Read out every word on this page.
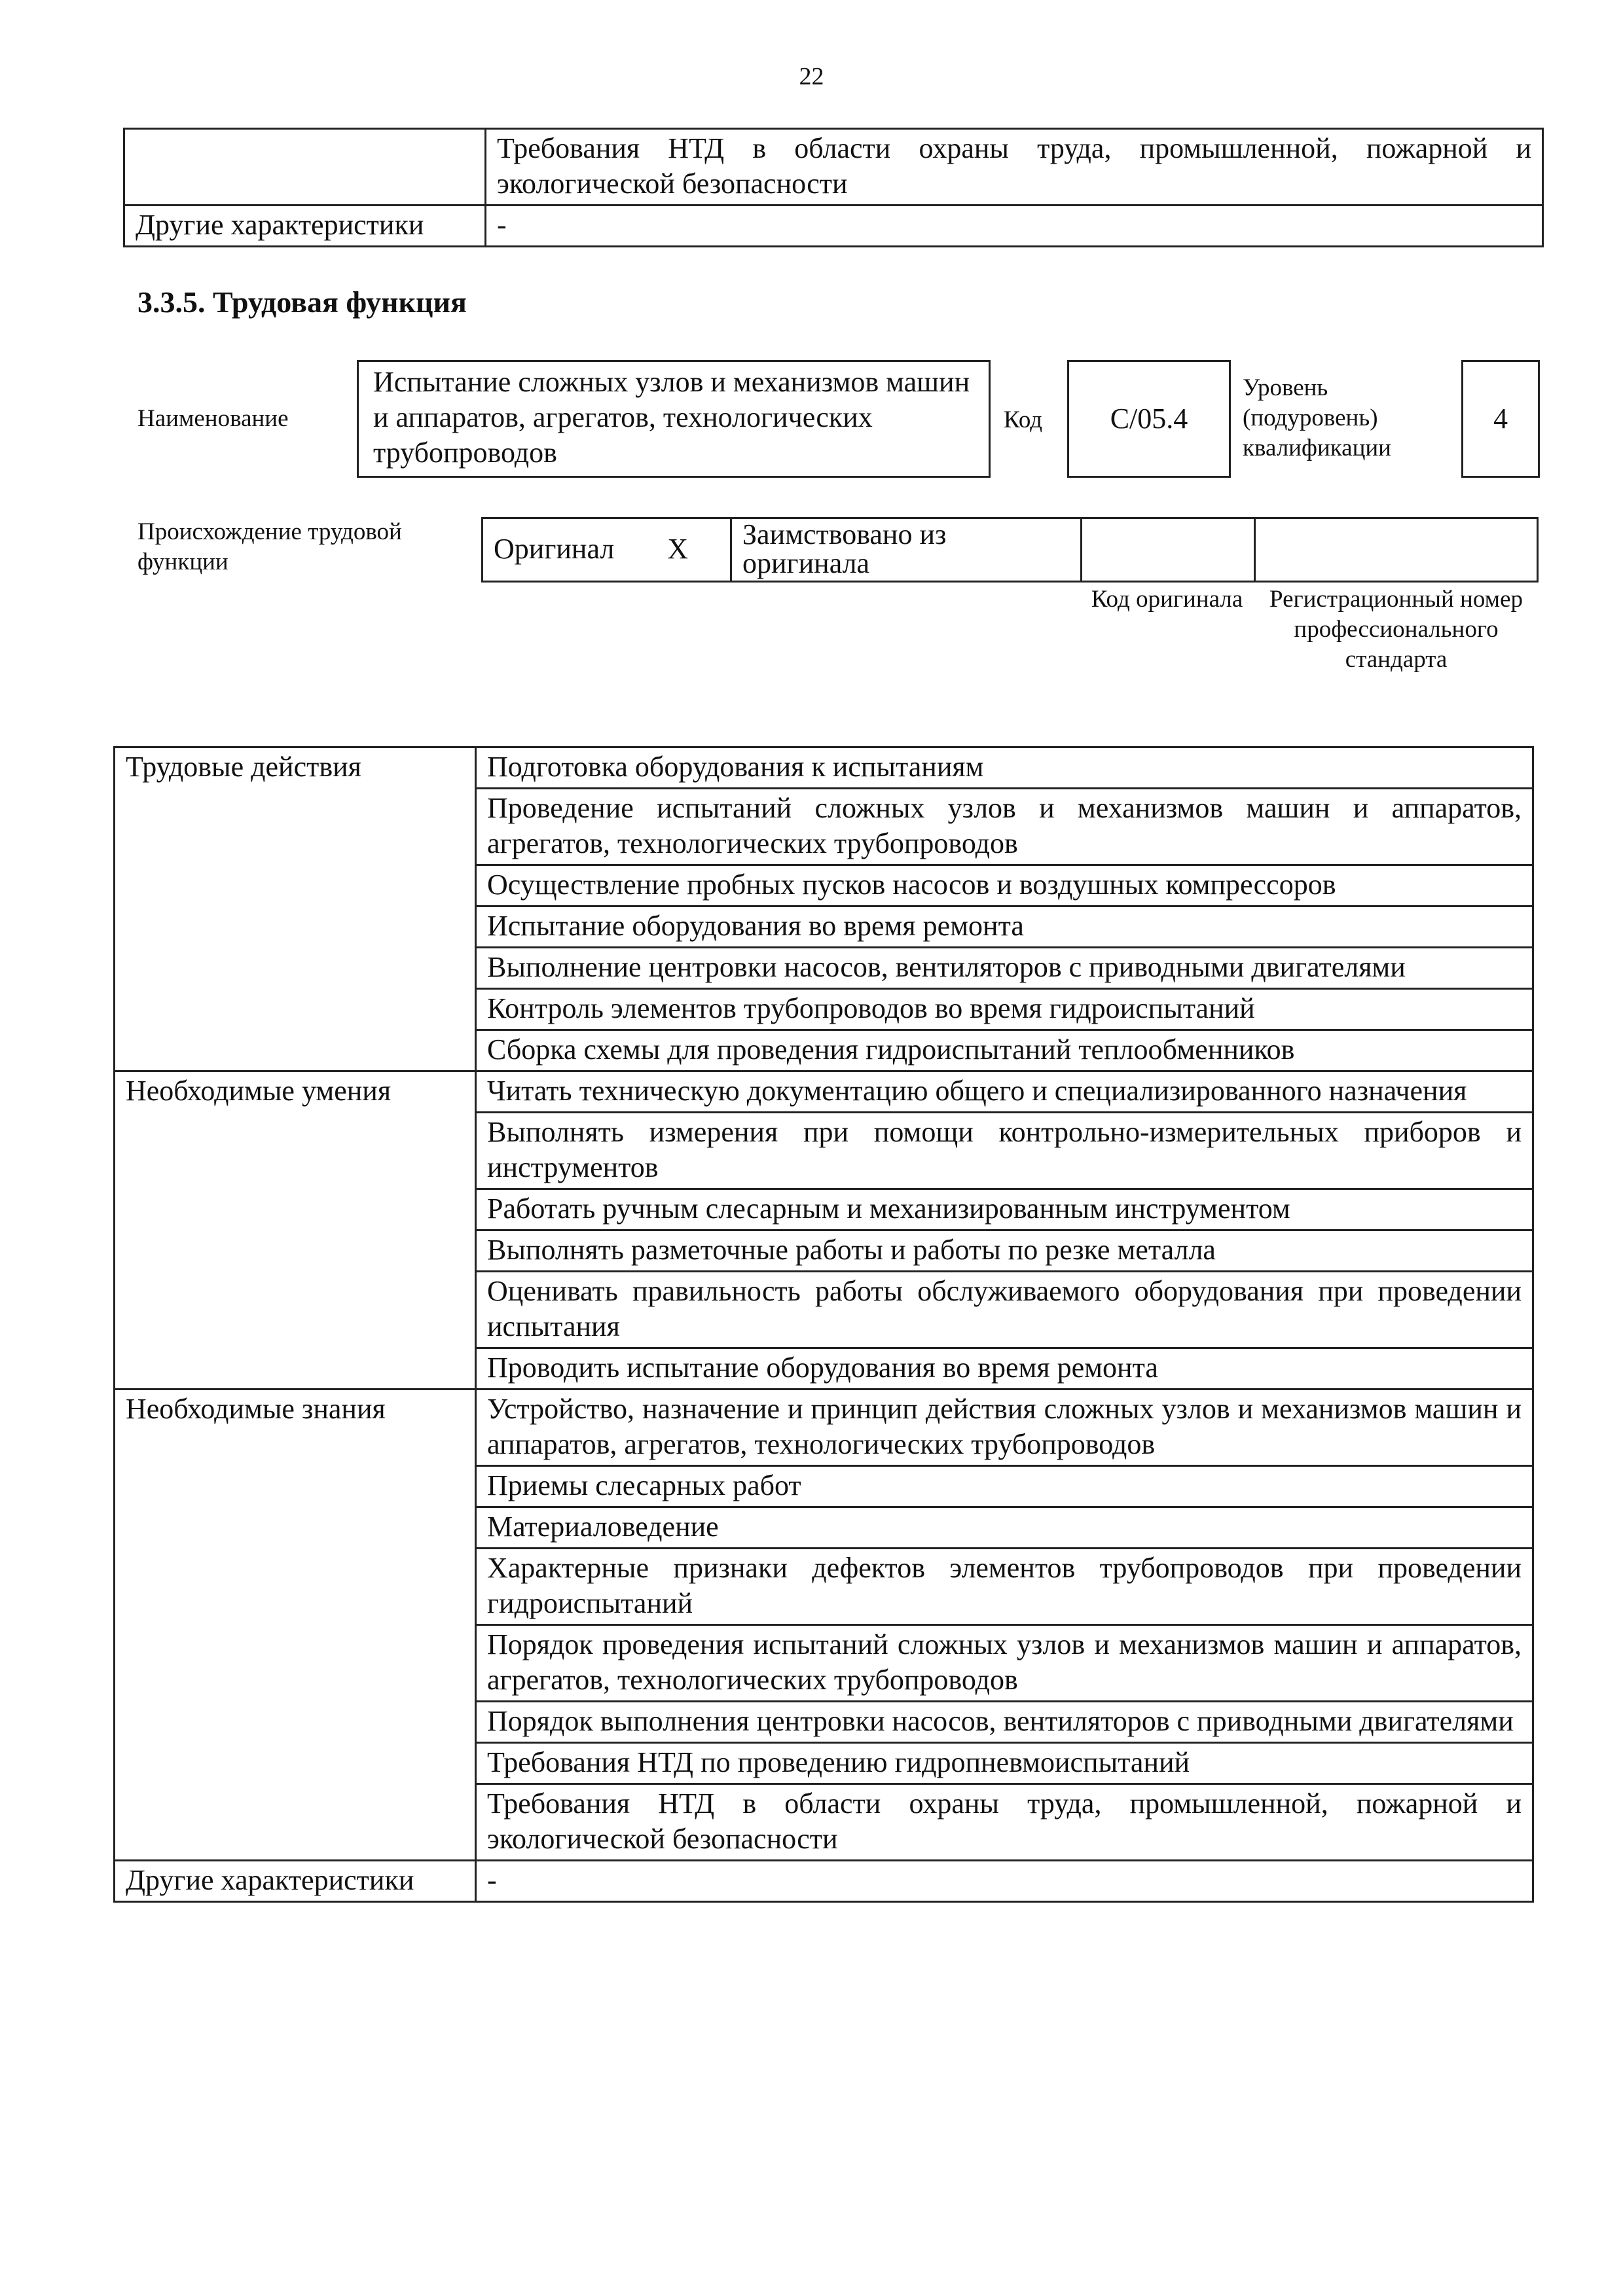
22
	Требования НТД в области охраны труда, промышленной, пожарной и экологической безопасности
Другие характеристики	-
3.3.5. Трудовая функция
Наименование
Испытание сложных узлов и механизмов машин и аппаратов, агрегатов, технологических трубопроводов
Код	С/05.4
Уровень (подуровень) квалификации
4
Происхождение трудовой функции	Оригинал X	Заимствовано из оригинала		
Код оригинала	Регистрационный номер профессионального стандарта
Трудовые действия	Подготовка оборудования к испытаниям
	Проведение испытаний сложных узлов и механизмов машин и аппаратов, агрегатов, технологических трубопроводов
	Осуществление пробных пусков насосов и воздушных компрессоров
	Испытание оборудования во время ремонта
	Выполнение центровки насосов, вентиляторов с приводными двигателями
	Контроль элементов трубопроводов во время гидроиспытаний
	Сборка схемы для проведения гидроиспытаний теплообменников
Необходимые умения	Читать техническую документацию общего и специализированного назначения
	Выполнять измерения при помощи контрольно-измерительных приборов и инструментов
	Работать ручным слесарным и механизированным инструментом
	Выполнять разметочные работы и работы по резке металла
	Оценивать правильность работы обслуживаемого оборудования при проведении испытания
	Проводить испытание оборудования во время ремонта
Необходимые знания	Устройство, назначение и принцип действия сложных узлов и механизмов машин и аппаратов, агрегатов, технологических трубопроводов
	Приемы слесарных работ
	Материаловедение
	Характерные признаки дефектов элементов трубопроводов при проведении гидроиспытаний
	Порядок проведения испытаний сложных узлов и механизмов машин и аппаратов, агрегатов, технологических трубопроводов
	Порядок выполнения центровки насосов, вентиляторов с приводными двигателями
	Требования НТД по проведению гидропневмоиспытаний
	Требования НТД в области охраны труда, промышленной, пожарной и экологической безопасности
Другие характеристики	-
